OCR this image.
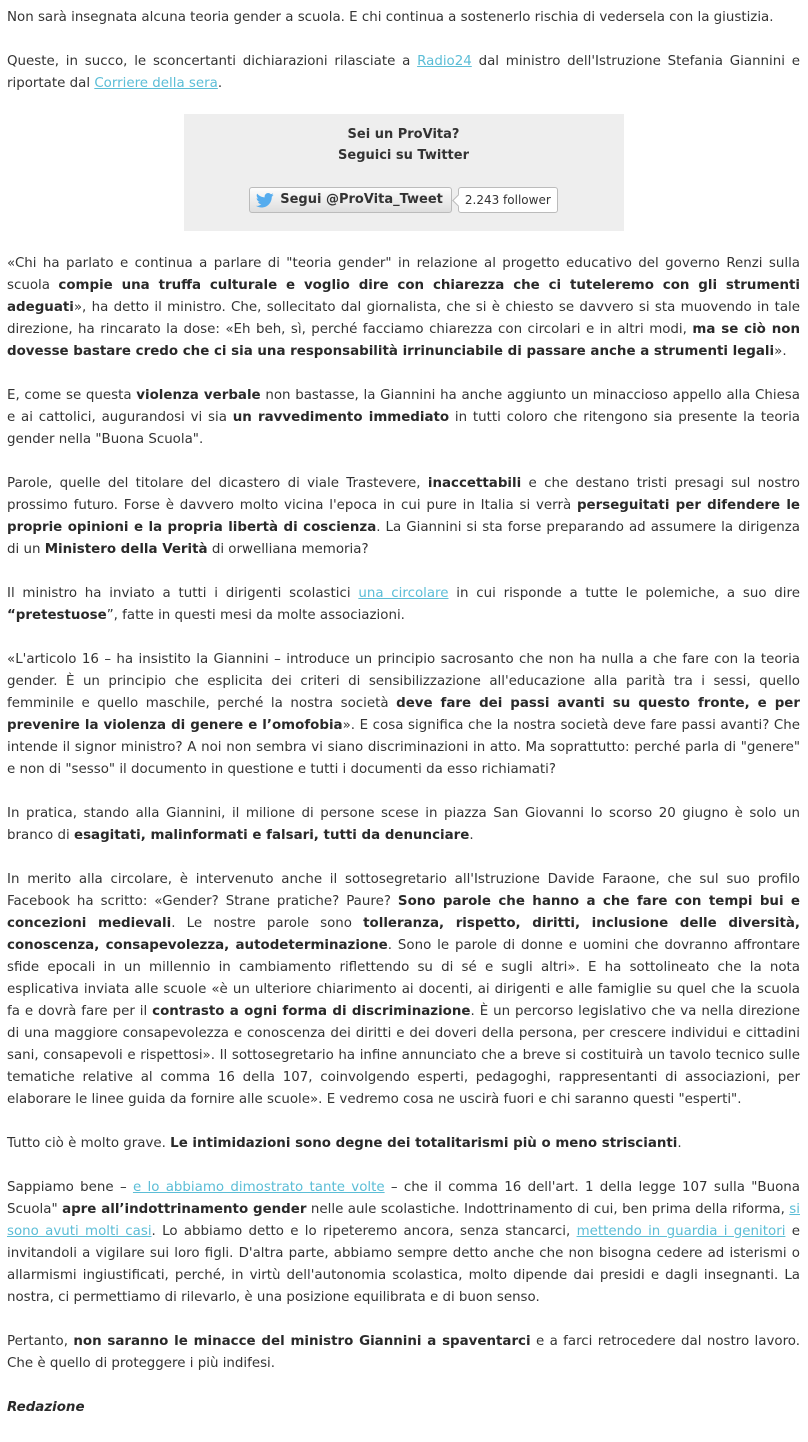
Non sarà insegnata alcuna teoria gender a scuola. E chi continua a sostenerlo rischia di vedersela con la giustizia.

Queste, in succo, le sconcertanti dichiarazioni rilasciate a Radio24 dal ministro dell'Istruzione Stefania Giannini e riportate dal Corriere della sera.

Sei un ProVita?
Seguici su Twitter
Segui @ProVita_Tweet	2.243 follower

«Chi ha parlato e continua a parlare di "teoria gender" in relazione al progetto educativo del governo Renzi sulla scuola compie una truffa culturale e voglio dire con chiarezza che ci tuteleremo con gli strumenti adeguati», ha detto il ministro. Che, sollecitato dal giornalista, che si è chiesto se davvero si sta muovendo in tale direzione, ha rincarato la dose: «Eh beh, sì, perché facciamo chiarezza con circolari e in altri modi, ma se ciò non dovesse bastare credo che ci sia una responsabilità irrinunciabile di passare anche a strumenti legali».

E, come se questa violenza verbale non bastasse, la Giannini ha anche aggiunto un minaccioso appello alla Chiesa e ai cattolici, augurandosi vi sia un ravvedimento immediato in tutti coloro che ritengono sia presente la teoria gender nella "Buona Scuola".

Parole, quelle del titolare del dicastero di viale Trastevere, inaccettabili e che destano tristi presagi sul nostro prossimo futuro. Forse è davvero molto vicina l'epoca in cui pure in Italia si verrà perseguitati per difendere le proprie opinioni e la propria libertà di coscienza. La Giannini si sta forse preparando ad assumere la dirigenza di un Ministero della Verità di orwelliana memoria?

Il ministro ha inviato a tutti i dirigenti scolastici una circolare in cui risponde a tutte le polemiche, a suo dire “pretestuose”, fatte in questi mesi da molte associazioni.

«L'articolo 16 – ha insistito la Giannini – introduce un principio sacrosanto che non ha nulla a che fare con la teoria gender. È un principio che esplicita dei criteri di sensibilizzazione all'educazione alla parità tra i sessi, quello femminile e quello maschile, perché la nostra società deve fare dei passi avanti su questo fronte, e per prevenire la violenza di genere e l’omofobia». E cosa significa che la nostra società deve fare passi avanti? Che intende il signor ministro? A noi non sembra vi siano discriminazioni in atto. Ma soprattutto: perché parla di "genere" e non di "sesso" il documento in questione e tutti i documenti da esso richiamati?

In pratica, stando alla Giannini, il milione di persone scese in piazza San Giovanni lo scorso 20 giugno è solo un branco di esagitati, malinformati e falsari, tutti da denunciare.

In merito alla circolare, è intervenuto anche il sottosegretario all'Istruzione Davide Faraone, che sul suo profilo Facebook ha scritto: «Gender? Strane pratiche? Paure? Sono parole che hanno a che fare con tempi bui e concezioni medievali. Le nostre parole sono tolleranza, rispetto, diritti, inclusione delle diversità, conoscenza, consapevolezza, autodeterminazione. Sono le parole di donne e uomini che dovranno affrontare sfide epocali in un millennio in cambiamento riflettendo su di sé e sugli altri». E ha sottolineato che la nota esplicativa inviata alle scuole «è un ulteriore chiarimento ai docenti, ai dirigenti e alle famiglie su quel che la scuola fa e dovrà fare per il contrasto a ogni forma di discriminazione. È un percorso legislativo che va nella direzione di una maggiore consapevolezza e conoscenza dei diritti e dei doveri della persona, per crescere individui e cittadini sani, consapevoli e rispettosi». Il sottosegretario ha infine annunciato che a breve si costituirà un tavolo tecnico sulle tematiche relative al comma 16 della 107, coinvolgendo esperti, pedagoghi, rappresentanti di associazioni, per elaborare le linee guida da fornire alle scuole». E vedremo cosa ne uscirà fuori e chi saranno questi "esperti".

Tutto ciò è molto grave. Le intimidazioni sono degne dei totalitarismi più o meno striscianti.

Sappiamo bene – e lo abbiamo dimostrato tante volte – che il comma 16 dell'art. 1 della legge 107 sulla "Buona Scuola" apre all’indottrinamento gender nelle aule scolastiche. Indottrinamento di cui, ben prima della riforma, si sono avuti molti casi. Lo abbiamo detto e lo ripeteremo ancora, senza stancarci, mettendo in guardia i genitori e invitandoli a vigilare sui loro figli. D'altra parte, abbiamo sempre detto anche che non bisogna cedere ad isterismi o allarmismi ingiustificati, perché, in virtù dell'autonomia scolastica, molto dipende dai presidi e dagli insegnanti. La nostra, ci permettiamo di rilevarlo, è una posizione equilibrata e di buon senso.

Pertanto, non saranno le minacce del ministro Giannini a spaventarci e a farci retrocedere dal nostro lavoro. Che è quello di proteggere i più indifesi.

Redazione
